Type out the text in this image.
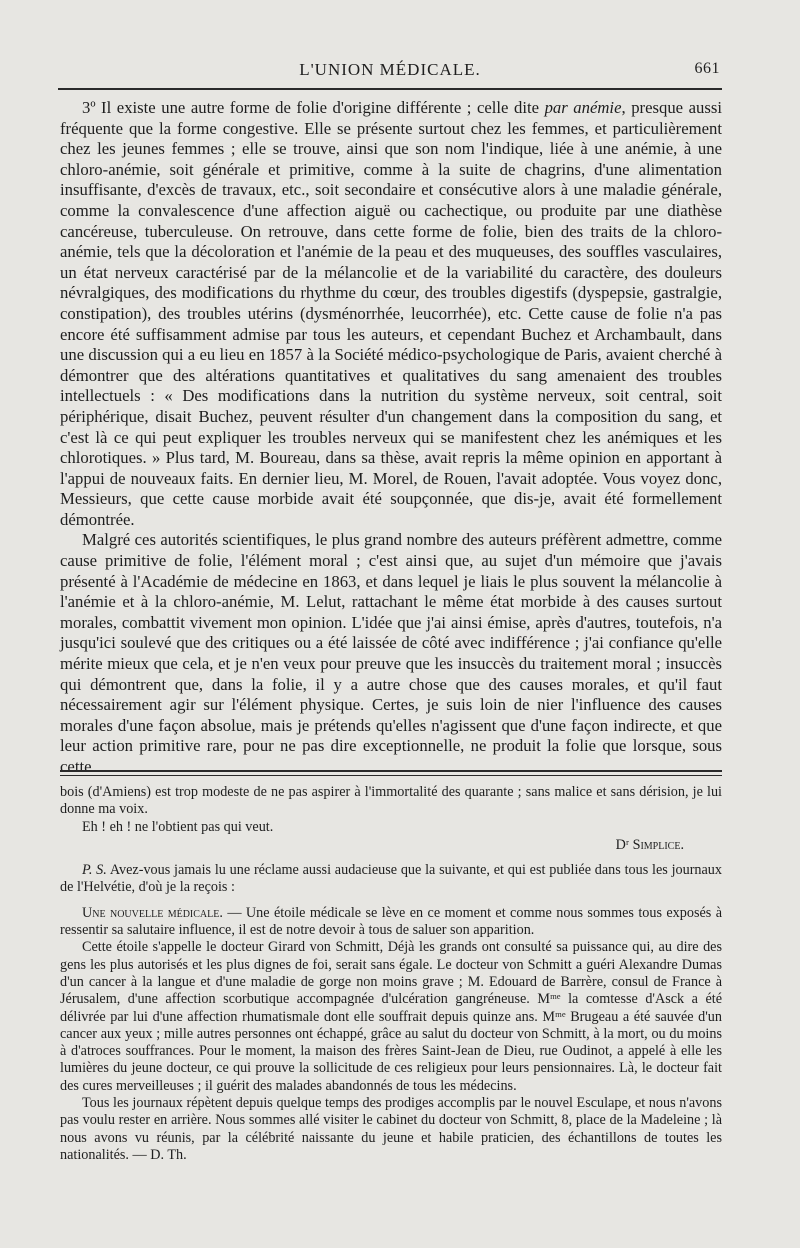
L'UNION MÉDICALE.	661

3º Il existe une autre forme de folie d'origine différente ; celle dite par anémie, presque aussi fréquente que la forme congestive. Elle se présente surtout chez les femmes, et particulièrement chez les jeunes femmes ; elle se trouve, ainsi que son nom l'indique, liée à une anémie, à une chloro-anémie, soit générale et primitive, comme à la suite de chagrins, d'une alimentation insuffisante, d'excès de travaux, etc., soit secondaire et consécutive alors à une maladie générale, comme la convalescence d'une affection aiguë ou cachectique, ou produite par une diathèse cancéreuse, tuberculeuse. On retrouve, dans cette forme de folie, bien des traits de la chloro-anémie, tels que la décoloration et l'anémie de la peau et des muqueuses, des souffles vasculaires, un état nerveux caractérisé par de la mélancolie et de la variabilité du caractère, des douleurs névralgiques, des modifications du rhythme du cœur, des troubles digestifs (dyspepsie, gastralgie, constipation), des troubles utérins (dysménorrhée, leucorrhée), etc. Cette cause de folie n'a pas encore été suffisamment admise par tous les auteurs, et cependant Buchez et Archambault, dans une discussion qui a eu lieu en 1857 à la Société médico-psychologique de Paris, avaient cherché à démontrer que des altérations quantitatives et qualitatives du sang amenaient des troubles intellectuels : « Des modifications dans la nutrition du système nerveux, soit central, soit périphérique, disait Buchez, peuvent résulter d'un changement dans la composition du sang, et c'est là ce qui peut expliquer les troubles nerveux qui se manifestent chez les anémiques et les chlorotiques. » Plus tard, M. Boureau, dans sa thèse, avait repris la même opinion en apportant à l'appui de nouveaux faits. En dernier lieu, M. Morel, de Rouen, l'avait adoptée. Vous voyez donc, Messieurs, que cette cause morbide avait été soupçonnée, que dis-je, avait été formellement démontrée.

Malgré ces autorités scientifiques, le plus grand nombre des auteurs préfèrent admettre, comme cause primitive de folie, l'élément moral ; c'est ainsi que, au sujet d'un mémoire que j'avais présenté à l'Académie de médecine en 1863, et dans lequel je liais le plus souvent la mélancolie à l'anémie et à la chloro-anémie, M. Lelut, rattachant le même état morbide à des causes surtout morales, combattit vivement mon opinion. L'idée que j'ai ainsi émise, après d'autres, toutefois, n'a jusqu'ici soulevé que des critiques ou a été laissée de côté avec indifférence ; j'ai confiance qu'elle mérite mieux que cela, et je n'en veux pour preuve que les insuccès du traitement moral ; insuccès qui démontrent que, dans la folie, il y a autre chose que des causes morales, et qu'il faut nécessairement agir sur l'élément physique. Certes, je suis loin de nier l'influence des causes morales d'une façon absolue, mais je prétends qu'elles n'agissent que d'une façon indirecte, et que leur action primitive rare, pour ne pas dire exceptionnelle, ne produit la folie que lorsque, sous cette

bois (d'Amiens) est trop modeste de ne pas aspirer à l'immortalité des quarante ; sans malice et sans dérision, je lui donne ma voix.

Eh ! eh ! ne l'obtient pas qui veut.

Dʳ Simplice.

P. S. Avez-vous jamais lu une réclame aussi audacieuse que la suivante, et qui est publiée dans tous les journaux de l'Helvétie, d'où je la reçois :

Une nouvelle médicale. — Une étoile médicale se lève en ce moment et comme nous sommes tous exposés à ressentir sa salutaire influence, il est de notre devoir à tous de saluer son apparition.

Cette étoile s'appelle le docteur Girard von Schmitt, Déjà les grands ont consulté sa puissance qui, au dire des gens les plus autorisés et les plus dignes de foi, serait sans égale. Le docteur von Schmitt a guéri Alexandre Dumas d'un cancer à la langue et d'une maladie de gorge non moins grave ; M. Edouard de Barrère, consul de France à Jérusalem, d'une affection scorbutique accompagnée d'ulcération gangréneuse. Mᵐᵉ la comtesse d'Asck a été délivrée par lui d'une affection rhumatismale dont elle souffrait depuis quinze ans. Mᵐᵉ Brugeau a été sauvée d'un cancer aux yeux ; mille autres personnes ont échappé, grâce au salut du docteur von Schmitt, à la mort, ou du moins à d'atroces souffrances. Pour le moment, la maison des frères Saint-Jean de Dieu, rue Oudinot, a appelé à elle les lumières du jeune docteur, ce qui prouve la sollicitude de ces religieux pour leurs pensionnaires. Là, le docteur fait des cures merveilleuses ; il guérit des malades abandonnés de tous les médecins.

Tous les journaux répètent depuis quelque temps des prodiges accomplis par le nouvel Esculape, et nous n'avons pas voulu rester en arrière. Nous sommes allé visiter le cabinet du docteur von Schmitt, 8, place de la Madeleine ; là nous avons vu réunis, par la célébrité naissante du jeune et habile praticien, des échantillons de toutes les nationalités. — D. Th.
